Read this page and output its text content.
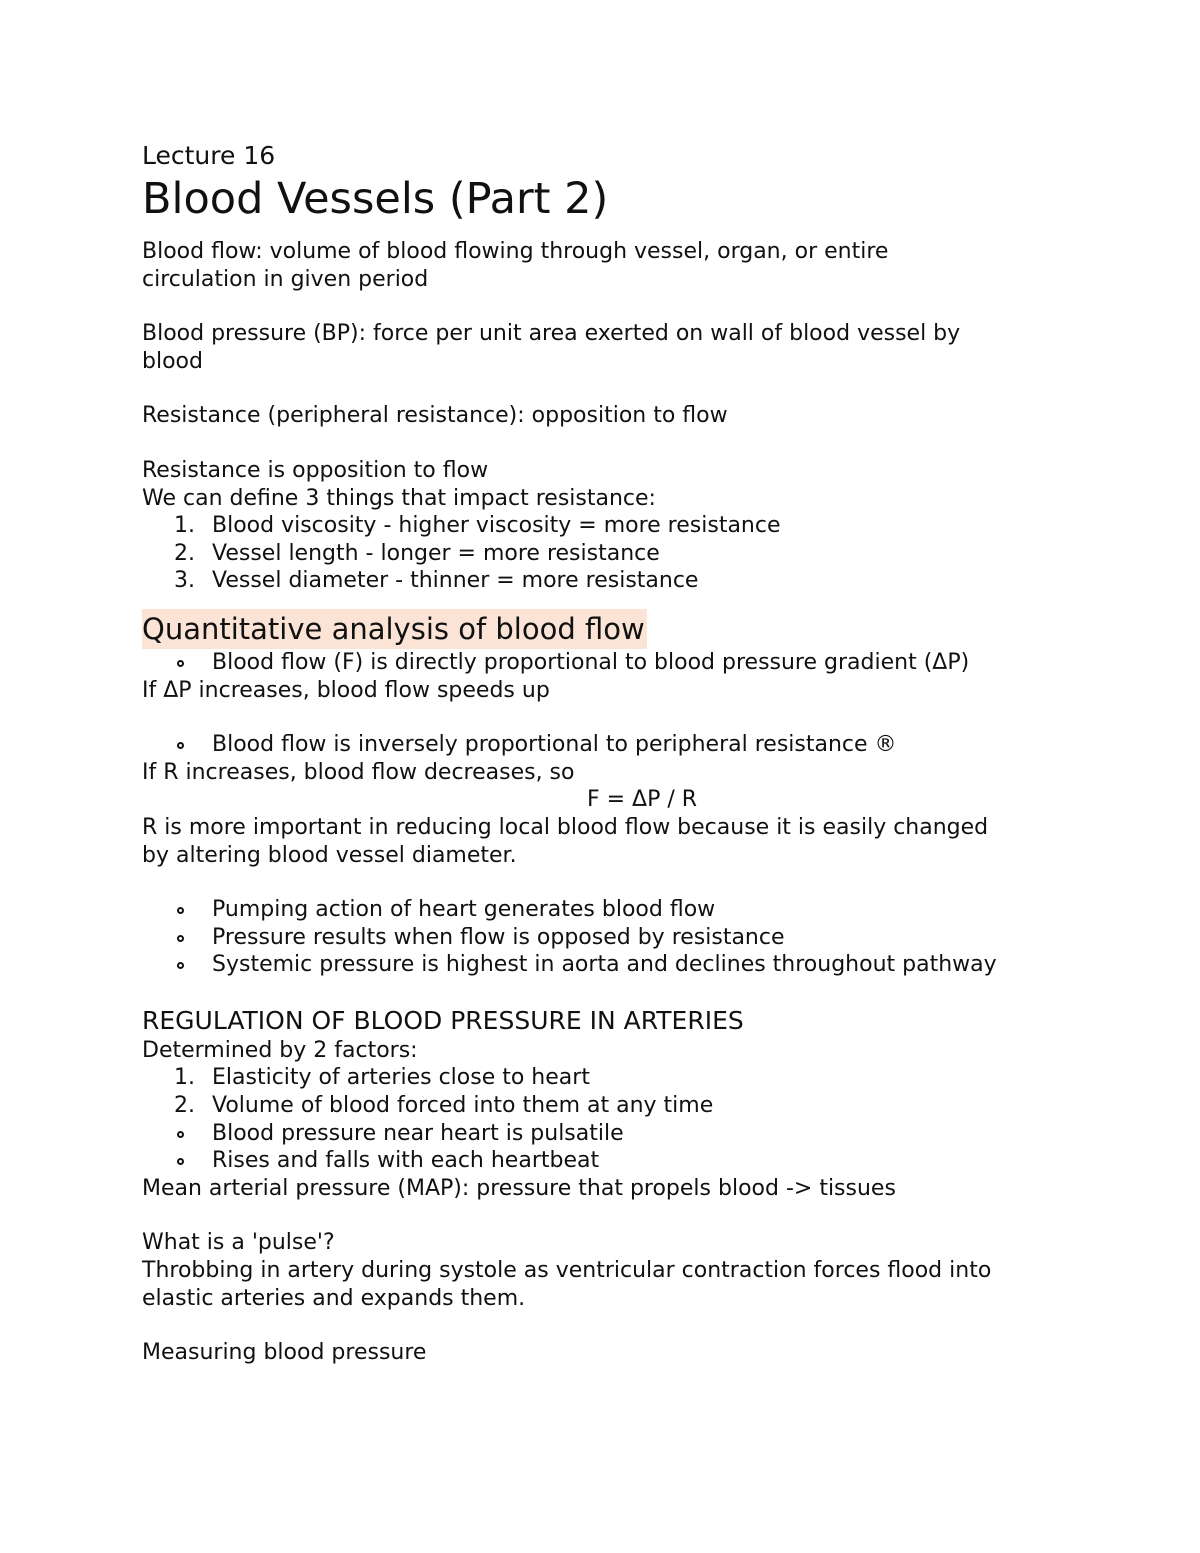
Lecture 16

Blood Vessels (Part 2)

Blood flow: volume of blood flowing through vessel, organ, or entire

circulation in given period

Blood pressure (BP): force per unit area exerted on wall of blood vessel by

blood

Resistance (peripheral resistance): opposition to flow

Resistance is opposition to flow

We can define 3 things that impact resistance:

1. Blood viscosity - higher viscosity = more resistance
2. Vessel length - longer = more resistance
3. Vessel diameter - thinner = more resistance
Quantitative analysis of blood flow
Blood flow (F) is directly proportional to blood pressure gradient (ΔP)

If ΔP increases, blood flow speeds up

Blood flow is inversely proportional to peripheral resistance ®

If R increases, blood flow decreases, so

F = ΔP / R

R is more important in reducing local blood flow because it is easily changed

by altering blood vessel diameter.

Pumping action of heart generates blood flow
Pressure results when flow is opposed by resistance
Systemic pressure is highest in aorta and declines throughout pathway

REGULATION OF BLOOD PRESSURE IN ARTERIES

Determined by 2 factors:

1. Elasticity of arteries close to heart
2. Volume of blood forced into them at any time
Blood pressure near heart is pulsatile
Rises and falls with each heartbeat

Mean arterial pressure (MAP): pressure that propels blood -> tissues

What is a 'pulse'?

Throbbing in artery during systole as ventricular contraction forces flood into

elastic arteries and expands them.

Measuring blood pressure
